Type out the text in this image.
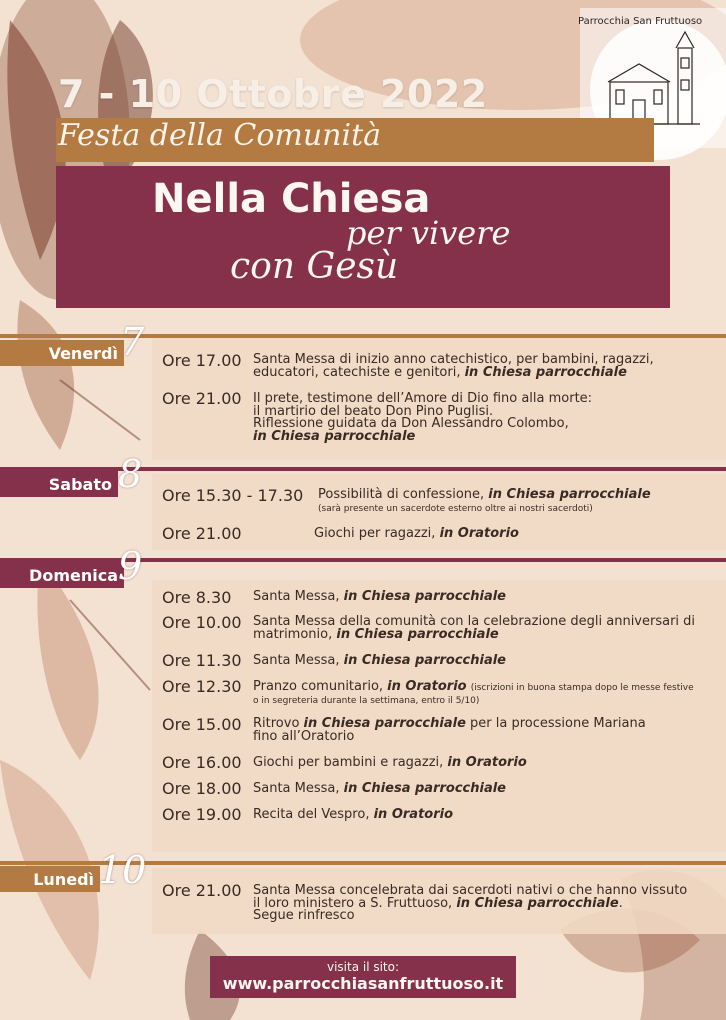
Parrocchia San Fruttuoso
7 - 10 Ottobre 2022
Festa della Comunità
Nella Chiesa
per vivere
con Gesù
Venerdì 7 Ore 17.00 Santa Messa di inizio anno catechistico, per bambini, ragazzi,
educatori, catechiste e genitori, in Chiesa parrocchiale
Ore 21.00 Il prete, testimone dell’Amore di Dio fino alla morte:
il martirio del beato Don Pino Puglisi.
Riflessione guidata da Don Alessandro Colombo,
in Chiesa parrocchiale
Sabato 8 Ore 15.30 - 17.30 Possibilità di confessione, in Chiesa parrocchiale
(sarà presente un sacerdote esterno oltre ai nostri sacerdoti)
Ore 21.00	Giochi per ragazzi, in Oratorio
Domenica 9
Ore 8.30 Santa Messa, in Chiesa parrocchiale
Ore 10.00 Santa Messa della comunità con la celebrazione degli anniversari di
matrimonio, in Chiesa parrocchiale
Ore 11.30 Santa Messa, in Chiesa parrocchiale
Ore 12.30 Pranzo comunitario, in Oratorio (iscrizioni in buona stampa dopo le messe festive
o in segreteria durante la settimana, entro il 5/10)
Ore 15.00 Ritrovo in Chiesa parrocchiale per la processione Mariana
fino all’Oratorio
Ore 16.00 Giochi per bambini e ragazzi, in Oratorio
Ore 18.00 Santa Messa, in Chiesa parrocchiale
Ore 19.00 Recita del Vespro, in Oratorio
Lunedì 10 Ore 21.00 Santa Messa concelebrata dai sacerdoti nativi o che hanno vissuto
il loro ministero a S. Fruttuoso, in Chiesa parrocchiale.
Segue rinfresco
visita il sito:
www.parrocchiasanfruttuoso.it
